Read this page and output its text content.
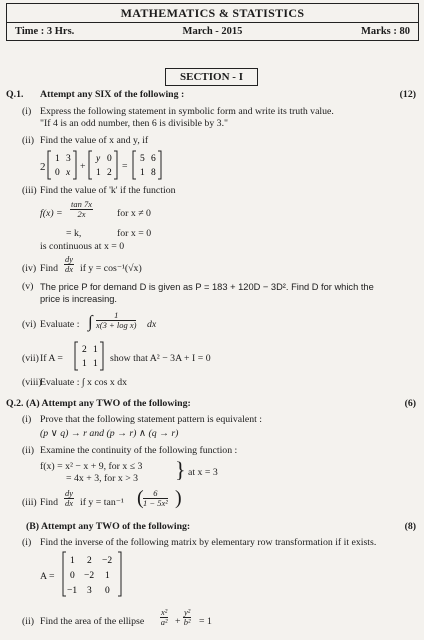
MATHEMATICS & STATISTICS
Time : 3 Hrs.	March - 2015	Marks : 80
SECTION - I
Q.1. Attempt any SIX of the following :	(12)
(i) Express the following statement in symbolic form and write its truth value.
"If 4 is an odd number, then 6 is divisible by 3."
(ii) Find the value of x and y, if
2
1 3
0 x
+
y 0
1 2
=
5 6
1 8
(iii) Find the value of 'k' if the function
$f(x) = \frac{\tan 7x}{2x}$ for x ≠ 0
= k,	for x = 0
is continuous at x = 0
(iv) Find $\frac{dy}{dx}$ if y = cos⁻¹(√x)
(v) The price P for demand D is given as P = 183 + 120D − 3D². Find D for which the
price is increasing.
(vi) Evaluate : ∫ $\frac{1}{\text{x(3 + log x)}}$ dx
(vii) If A =
2 1
1 1 show that A² − 3A + I = 0
(viii)
Evaluate : ∫ x cos x dx
Q.2. (A) Attempt any TWO of the following:	(6)
(i) Prove that the following statement pattern is equivalent :
(p ∨ q) → r and (p → r) ∧ (q → r)
(ii) Examine the continuity of the following function :
f(x) = x² − x + 9, for x ≤ 3
= 4x + 3, for x > 3 } at x = 3
(iii) Find $\frac{dy}{dx}$ if y = tan⁻¹ ( $\frac{6}{\text{1 − 5x²}}$ )
(B) Attempt any TWO of the following:	(8)
(i) Find the inverse of the following matrix by elementary row transformation if it exists.
A =
1 2 −2
0 −2 1
−1 3 0
(ii) Find the area of the ellipse $\frac{\text{x²}}{\text{a²}} + \frac{\text{y²}}{\text{b²}} = 1$
